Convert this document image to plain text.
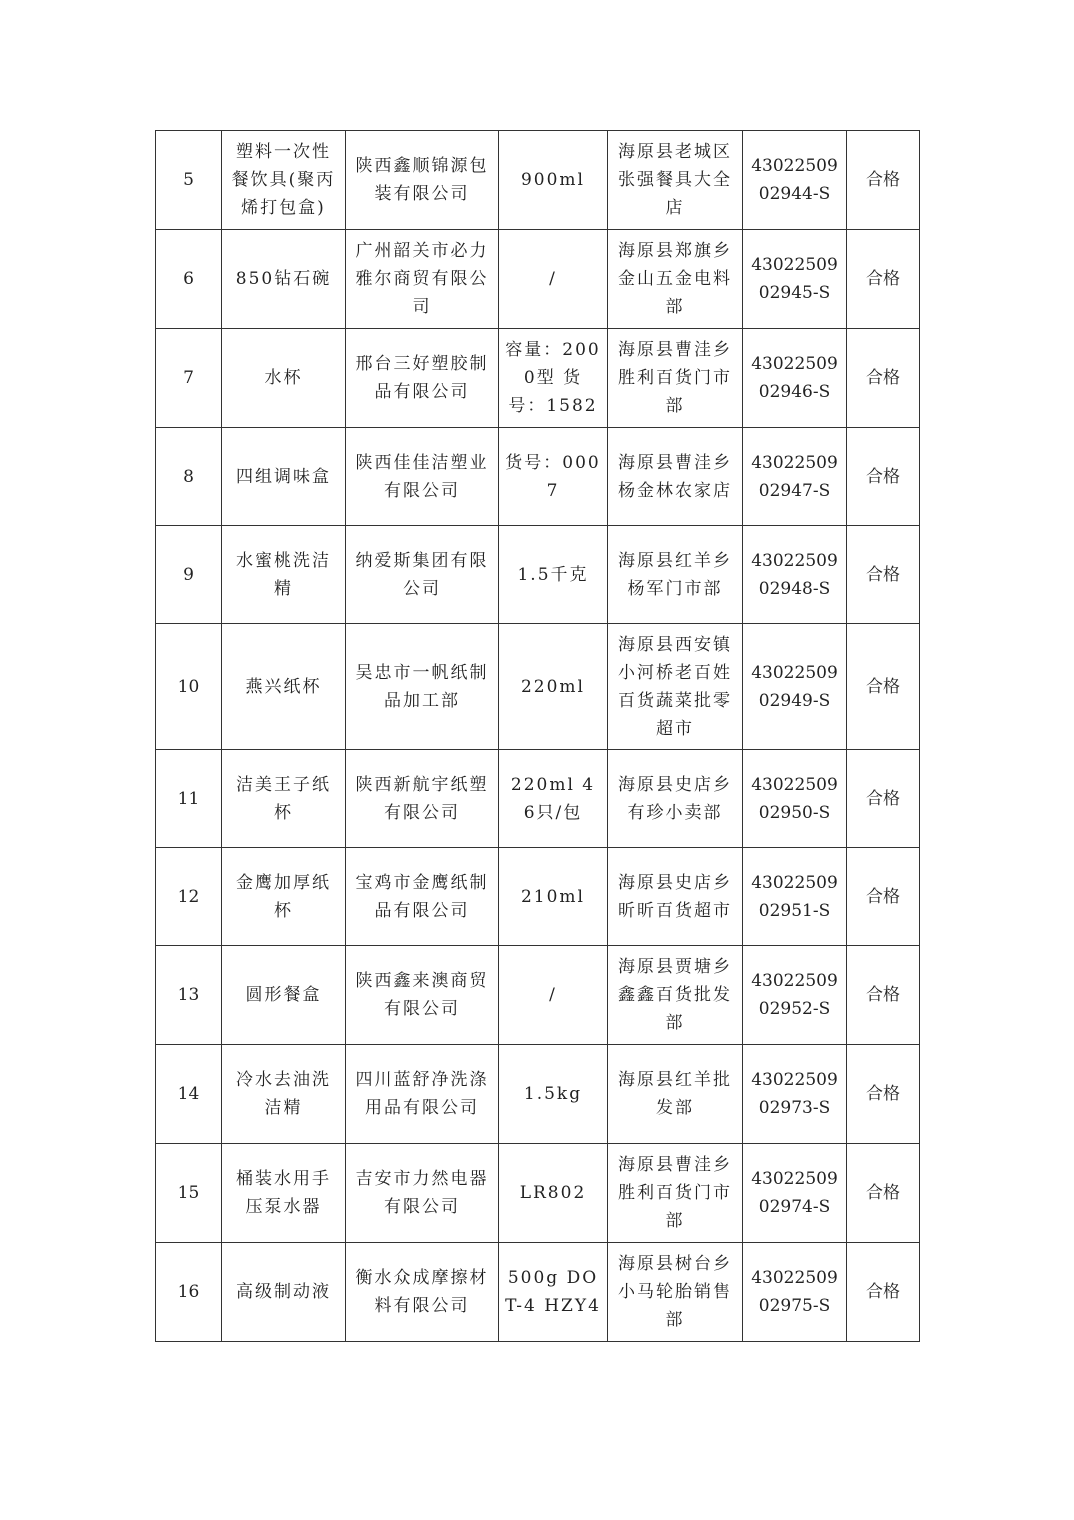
5	塑料一次性餐饮具(聚丙烯打包盒)	陕西鑫顺锦源包装有限公司	900ml	海原县老城区张强餐具大全店	4302250902944-S	合格
6	850钻石碗	广州韶关市必力雅尔商贸有限公司	/	海原县郑旗乡金山五金电料部	4302250902945-S	合格
7	水杯	邢台三好塑胶制品有限公司	容量：2000型 货号：1582	海原县曹洼乡胜利百货门市部	4302250902946-S	合格
8	四组调味盒	陕西佳佳洁塑业有限公司	货号：0007	海原县曹洼乡杨金林农家店	4302250902947-S	合格
9	水蜜桃洗洁精	纳爱斯集团有限公司	1.5千克	海原县红羊乡杨军门市部	4302250902948-S	合格
10	燕兴纸杯	吴忠市一帆纸制品加工部	220ml	海原县西安镇小河桥老百姓百货蔬菜批零超市	4302250902949-S	合格
11	洁美王子纸杯	陕西新航宇纸塑有限公司	220ml 46只/包	海原县史店乡有珍小卖部	4302250902950-S	合格
12	金鹰加厚纸杯	宝鸡市金鹰纸制品有限公司	210ml	海原县史店乡昕昕百货超市	4302250902951-S	合格
13	圆形餐盒	陕西鑫来澳商贸有限公司	/	海原县贾塘乡鑫鑫百货批发部	4302250902952-S	合格
14	冷水去油洗洁精	四川蓝舒净洗涤用品有限公司	1.5kg	海原县红羊批发部	4302250902973-S	合格
15	桶装水用手压泵水器	吉安市力然电器有限公司	LR802	海原县曹洼乡胜利百货门市部	4302250902974-S	合格
16	高级制动液	衡水众成摩擦材料有限公司	500g DOT-4 HZY4	海原县树台乡小马轮胎销售部	4302250902975-S	合格
